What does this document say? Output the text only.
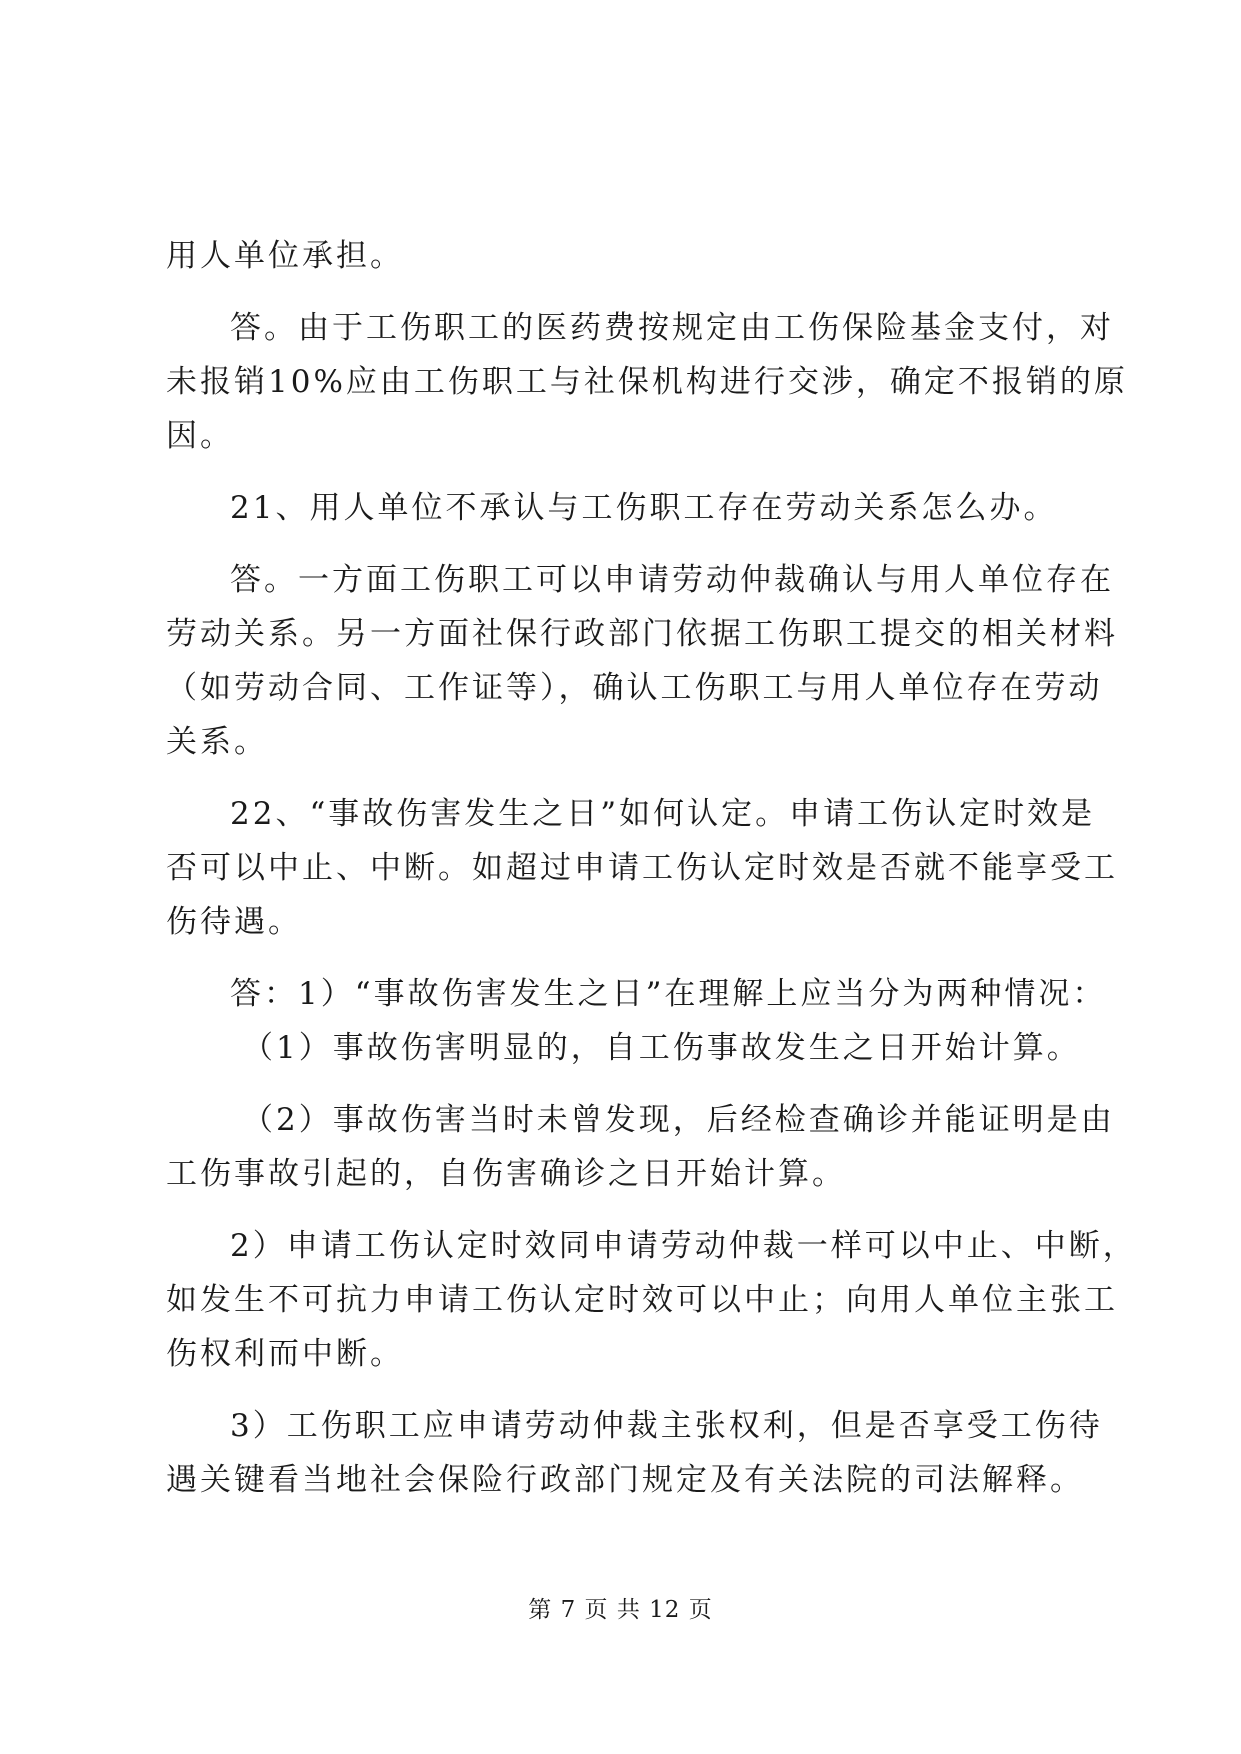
用人单位承担。
答。由于工伤职工的医药费按规定由工伤保险基金支付，对
未报销10%应由工伤职工与社保机构进行交涉，确定不报销的原
因。
21、用人单位不承认与工伤职工存在劳动关系怎么办。
答。一方面工伤职工可以申请劳动仲裁确认与用人单位存在
劳动关系。另一方面社保行政部门依据工伤职工提交的相关材料
（如劳动合同、工作证等），确认工伤职工与用人单位存在劳动
关系。
22、“事故伤害发生之日”如何认定。申请工伤认定时效是
否可以中止、中断。如超过申请工伤认定时效是否就不能享受工
伤待遇。
答：1）“事故伤害发生之日”在理解上应当分为两种情况：
（1）事故伤害明显的，自工伤事故发生之日开始计算。
（2）事故伤害当时未曾发现，后经检查确诊并能证明是由
工伤事故引起的，自伤害确诊之日开始计算。
2）申请工伤认定时效同申请劳动仲裁一样可以中止、中断，
如发生不可抗力申请工伤认定时效可以中止；向用人单位主张工
伤权利而中断。
3）工伤职工应申请劳动仲裁主张权利，但是否享受工伤待
遇关键看当地社会保险行政部门规定及有关法院的司法解释。
第 7 页 共 12 页
